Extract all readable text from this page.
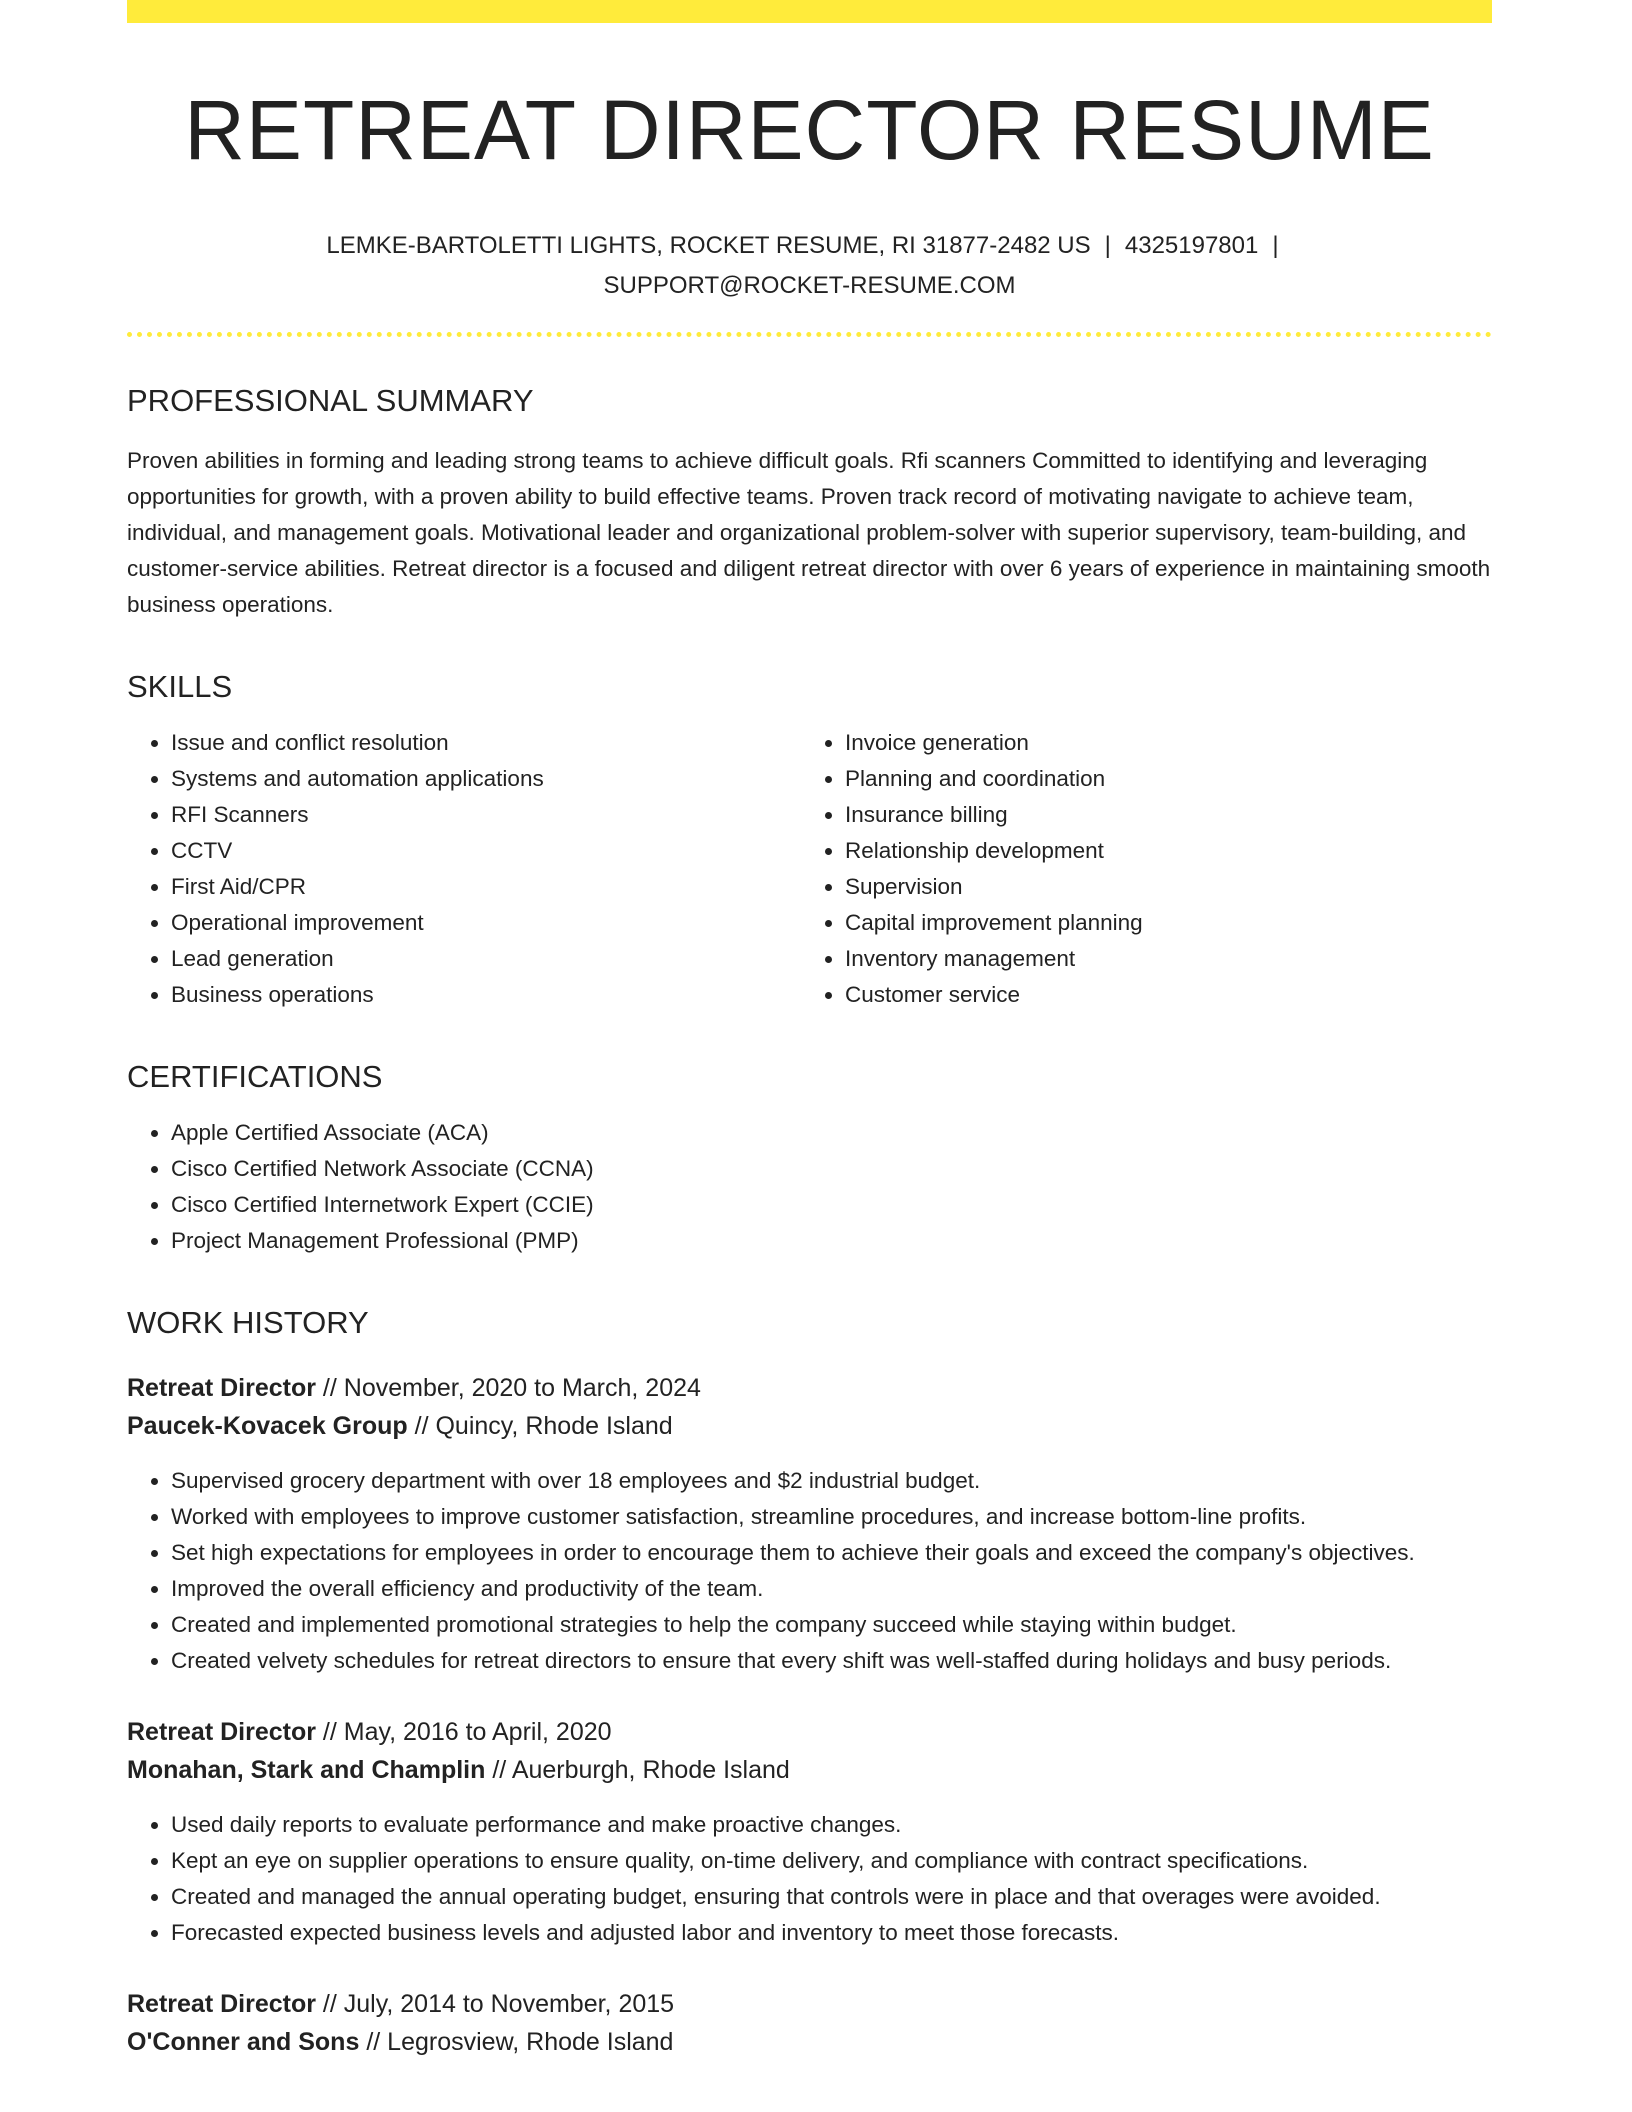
RETREAT DIRECTOR RESUME
LEMKE-BARTOLETTI LIGHTS, ROCKET RESUME, RI 31877-2482 US | 4325197801 |
SUPPORT@ROCKET-RESUME.COM
PROFESSIONAL SUMMARY

Proven abilities in forming and leading strong teams to achieve difficult goals. Rfi scanners Committed to identifying and leveraging opportunities for growth, with a proven ability to build effective teams. Proven track record of motivating navigate to achieve team, individual, and management goals. Motivational leader and organizational problem-solver with superior supervisory, team-building, and customer-service abilities. Retreat director is a focused and diligent retreat director with over 6 years of experience in maintaining smooth business operations.

SKILLS
• Issue and conflict resolution
• Systems and automation applications
• RFI Scanners
• CCTV
• First Aid/CPR
• Operational improvement
• Lead generation
• Business operations
• Invoice generation
• Planning and coordination
• Insurance billing
• Relationship development
• Supervision
• Capital improvement planning
• Inventory management
• Customer service
CERTIFICATIONS
• Apple Certified Associate (ACA)
• Cisco Certified Network Associate (CCNA)
• Cisco Certified Internetwork Expert (CCIE)
• Project Management Professional (PMP)
WORK HISTORY
Retreat Director // November, 2020 to March, 2024
Paucek-Kovacek Group // Quincy, Rhode Island
• Supervised grocery department with over 18 employees and $2 industrial budget.
• Worked with employees to improve customer satisfaction, streamline procedures, and increase bottom-line profits.
• Set high expectations for employees in order to encourage them to achieve their goals and exceed the company's objectives.
• Improved the overall efficiency and productivity of the team.
• Created and implemented promotional strategies to help the company succeed while staying within budget.
• Created velvety schedules for retreat directors to ensure that every shift was well-staffed during holidays and busy periods.
Retreat Director // May, 2016 to April, 2020
Monahan, Stark and Champlin // Auerburgh, Rhode Island
• Used daily reports to evaluate performance and make proactive changes.
• Kept an eye on supplier operations to ensure quality, on-time delivery, and compliance with contract specifications.
• Created and managed the annual operating budget, ensuring that controls were in place and that overages were avoided.
• Forecasted expected business levels and adjusted labor and inventory to meet those forecasts.
Retreat Director // July, 2014 to November, 2015
O'Conner and Sons // Legrosview, Rhode Island
